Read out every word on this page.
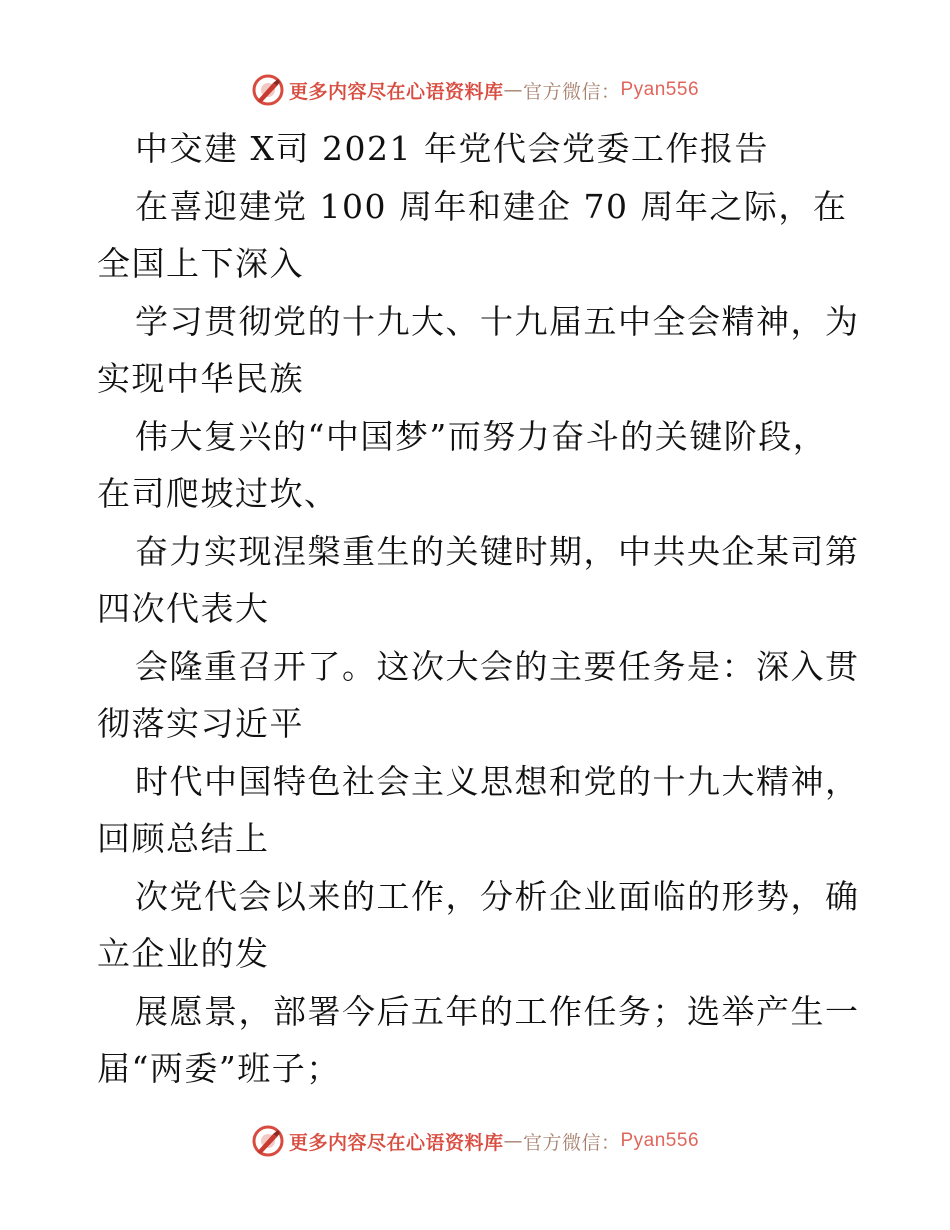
更多内容尽在心语资料库 — 官方微信： Pyan556
中交建 X司 2021 年党代会党委工作报告
在喜迎建党 100 周年和建企 70 周年之际，在
全国上下深入
学习贯彻党的十九大、十九届五中全会精神，为
实现中华民族
伟大复兴的“中国梦”而努力奋斗的关键阶段，
在司爬坡过坎、
奋力实现涅槃重生的关键时期，中共央企某司第
四次代表大
会隆重召开了。这次大会的主要任务是：深入贯
彻落实习近平
时代中国特色社会主义思想和党的十九大精神，
回顾总结上
次党代会以来的工作，分析企业面临的形势，确
立企业的发
展愿景，部署今后五年的工作任务；选举产生一
届“两委”班子；
更多内容尽在心语资料库 — 官方微信： Pyan556
